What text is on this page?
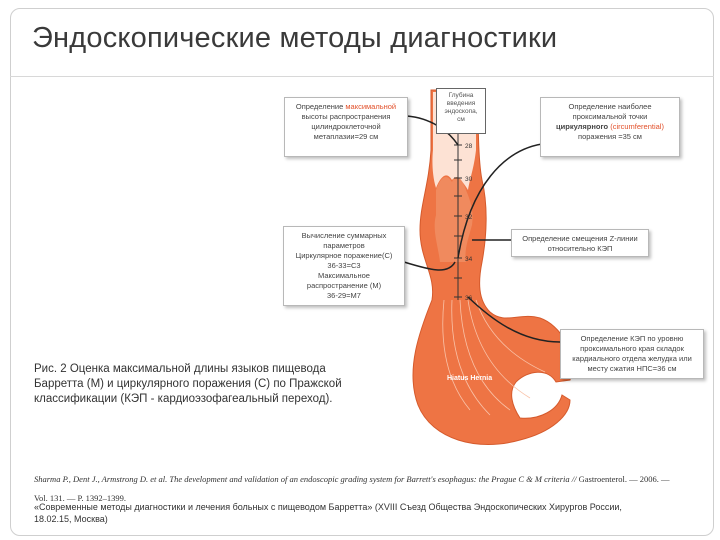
Эндоскопические методы диагностики
28
30
32
34
36
Hiatus Hernia
Глубина
введения
эндоскопа,
см

Определение максимальной

высоты распространения

цилиндроклеточной

метаплазии=29 см

Определение наиболее

проксимальной точки

циркулярного (circumferential)

поражения =35 см

Вычисление суммарных

параметров

Циркулярное поражение(С)

36-33=C3

Максимальное

распространение (М)

36-29=M7

Определение смещения Z-линии

относительно КЭП

Определение КЭП по уровню

проксимального края складок

кардиального отдела желудка или

месту сжатия НПС=36 см

Рис. 2 Оценка максимальной длины языков пищевода Барретта (М) и циркулярного поражения (С) по Пражской классификации (КЭП - кардиоэзофагеальный переход).

Sharma P., Dent J., Armstrong D. et al. The development and validation of an endoscopic grading system for Barrett's esophagus: the Prague C & M criteria // Gastroenterol. — 2006. — Vol. 131. — P. 1392–1399.

«Современные методы диагностики и лечения больных с пищеводом Барретта» (XVIII Съезд Общества Эндоскопических Хирургов России, 18.02.15, Москва)
